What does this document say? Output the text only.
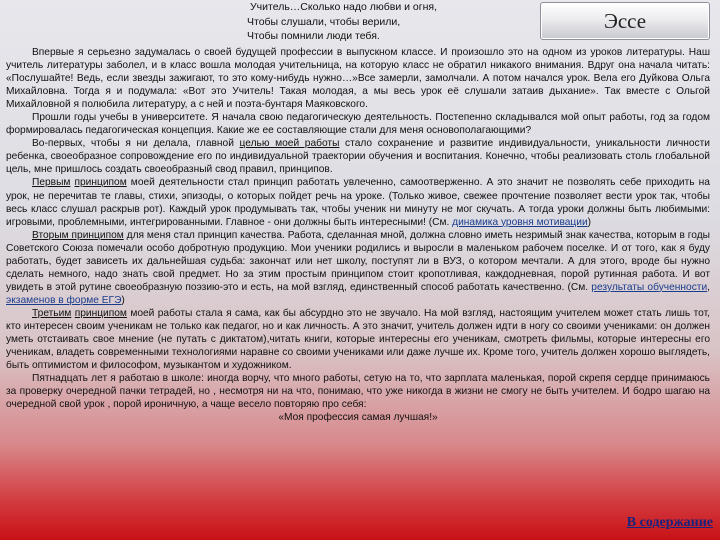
Учитель…Сколько надо любви и огня,
Чтобы слушали, чтобы верили,
Чтобы помнили люди тебя.
Эссе

Впервые я серьезно задумалась о своей будущей профессии в выпускном классе. И произошло это на одном из уроков литературы. Наш учитель литературы заболел, и в класс вошла молодая учительница, на которую класс не обратил никакого внимания. Вдруг она начала читать: «Послушайте! Ведь, если звезды зажигают, то это кому-нибудь нужно…»Все замерли, замолчали. А потом начался урок. Вела его Дуйкова Ольга Михайловна. Тогда я и подумала: «Вот это Учитель! Такая молодая, а мы весь урок её слушали затаив дыхание». Так вместе с Ольгой Михайловной я полюбила литературу, а с ней и поэта-бунтаря Маяковского.

Прошли годы учебы в университете. Я начала свою педагогическую деятельность. Постепенно складывался мой опыт работы, год за годом формировалась педагогическая концепция. Какие же ее составляющие стали для меня основополагающими?

Во-первых, чтобы я ни делала, главной целью моей работы стало сохранение и развитие индивидуальности, уникальности личности ребенка, своеобразное сопровождение его по индивидуальной траектории обучения и воспитания. Конечно, чтобы реализовать столь глобальной цель, мне пришлось создать своеобразный свод правил, принципов.

Первым принципом моей деятельности стал принцип работать увлеченно, самоотверженно. А это значит не позволять себе приходить на урок, не перечитав те главы, стихи, эпизоды, о которых пойдет речь на уроке. (Только живое, свежее прочтение позволяет вести урок так, чтобы весь класс слушал раскрыв рот). Каждый урок продумывать так, чтобы ученик ни минуту не мог скучать. А тогда уроки должны быть любимыми: игровыми, проблемными, интегрированными. Главное - они должны быть интересными! (См. динамика уровня мотивации)

Вторым принципом для меня стал принцип качества. Работа, сделанная мной, должна словно иметь незримый знак качества, которым в годы Советского Союза помечали особо добротную продукцию. Мои ученики родились и выросли в маленьком рабочем поселке. И от того, как я буду работать, будет зависеть их дальнейшая судьба: закончат или нет школу, поступят ли в ВУЗ, о котором мечтали. А для этого, вроде бы нужно сделать немного, надо знать свой предмет. Но за этим простым принципом стоит кропотливая, каждодневная, порой рутинная работа. И вот увидеть в этой рутине своеобразную поэзию-это и есть, на мой взгляд, единственный способ работать качественно. (См. результаты обученности, экзаменов в форме ЕГЭ)

Третьим принципом моей работы стала я сама, как бы абсурдно это не звучало. На мой взгляд, настоящим учителем может стать лишь тот, кто интересен своим ученикам не только как педагог, но и как личность. А это значит, учитель должен идти в ногу со своими учениками: он должен уметь отстаивать свое мнение (не путать с диктатом),читать книги, которые интересны его ученикам, смотреть фильмы, которые интересны его ученикам, владеть современными технологиями наравне со своими учениками или даже лучше их. Кроме того, учитель должен хорошо выглядеть, быть оптимистом и философом, музыкантом и художником.

Пятнадцать лет я работаю в школе: иногда ворчу, что много работы, сетую на то, что зарплата маленькая, порой скрепя сердце принимаюсь за проверку очередной пачки тетрадей, но , несмотря ни на что, понимаю, что уже никогда в жизни не смогу не быть учителем. И бодро шагаю на очередной свой урок , порой ироничную, а чаще весело повторяю про себя:

«Моя профессия самая лучшая!»

В содержание
